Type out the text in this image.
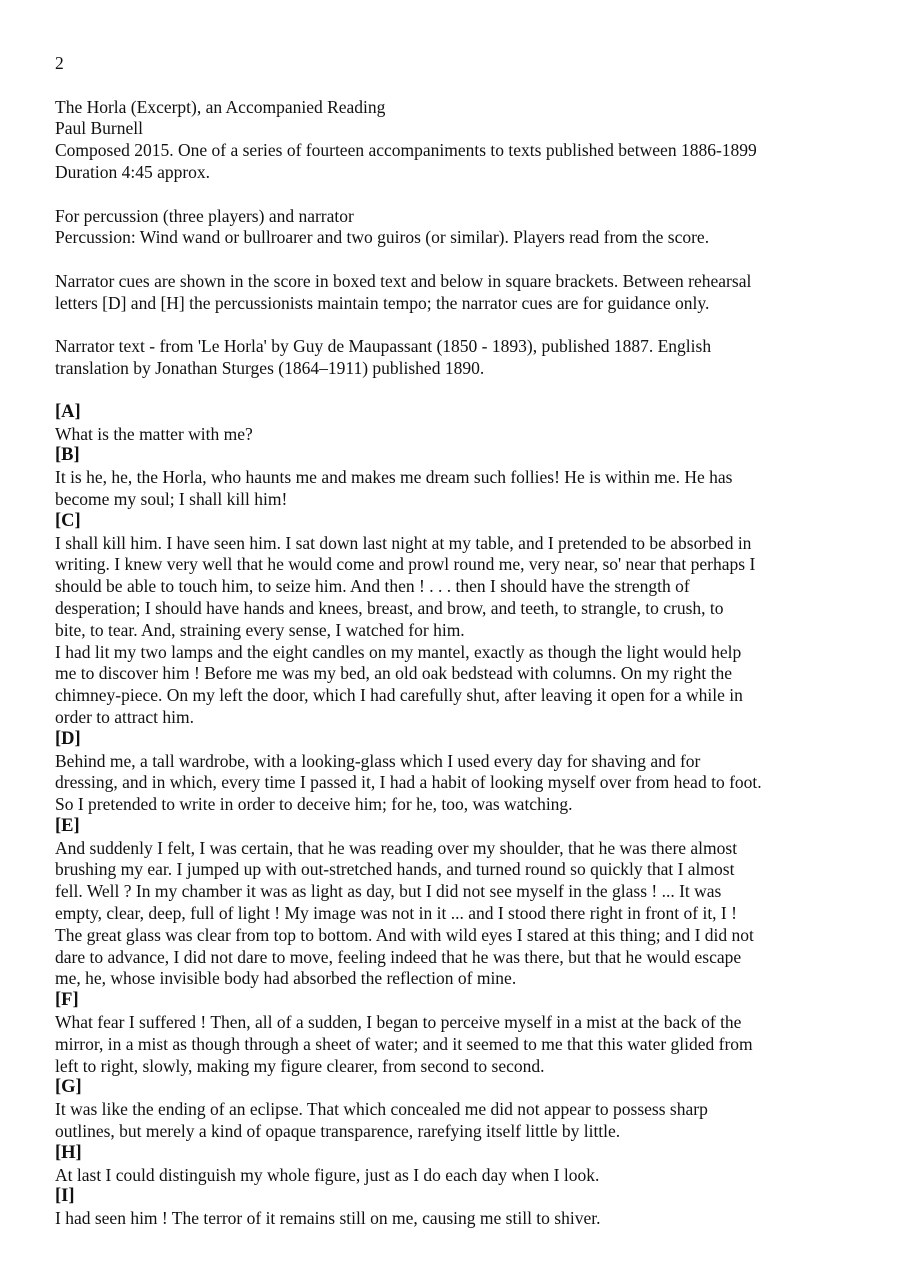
2
The Horla (Excerpt), an Accompanied Reading
Paul Burnell
Composed 2015. One of a series of fourteen accompaniments to texts published between 1886-1899
Duration 4:45 approx.
For percussion (three players) and narrator
Percussion: Wind wand or bullroarer and two guiros (or similar). Players read from the score.
Narrator cues are shown in the score in boxed text and below in square brackets. Between rehearsal
letters [D] and [H] the percussionists maintain tempo; the narrator cues are for guidance only.
Narrator text - from 'Le Horla' by Guy de Maupassant (1850 - 1893), published 1887. English
translation by Jonathan Sturges (1864–1911) published 1890.
[A]
What is the matter with me?
[B]
It is he, he, the Horla, who haunts me and makes me dream such follies! He is within me. He has
become my soul; I shall kill him!
[C]
I shall kill him. I have seen him. I sat down last night at my table, and I pretended to be absorbed in
writing. I knew very well that he would come and prowl round me, very near, so' near that perhaps I
should be able to touch him, to seize him. And then ! . . . then I should have the strength of
desperation; I should have hands and knees, breast, and brow, and teeth, to strangle, to crush, to
bite, to tear. And, straining every sense, I watched for him.
I had lit my two lamps and the eight candles on my mantel, exactly as though the light would help
me to discover him ! Before me was my bed, an old oak bedstead with columns. On my right the
chimney-piece. On my left the door, which I had carefully shut, after leaving it open for a while in
order to attract him.
[D]
Behind me, a tall wardrobe, with a looking-glass which I used every day for shaving and for
dressing, and in which, every time I passed it, I had a habit of looking myself over from head to foot.
So I pretended to write in order to deceive him; for he, too, was watching.
[E]
And suddenly I felt, I was certain, that he was reading over my shoulder, that he was there almost
brushing my ear. I jumped up with out-stretched hands, and turned round so quickly that I almost
fell. Well ? In my chamber it was as light as day, but I did not see myself in the glass ! ... It was
empty, clear, deep, full of light ! My image was not in it ... and I stood there right in front of it, I !
The great glass was clear from top to bottom. And with wild eyes I stared at this thing; and I did not
dare to advance, I did not dare to move, feeling indeed that he was there, but that he would escape
me, he, whose invisible body had absorbed the reflection of mine.
[F]
What fear I suffered ! Then, all of a sudden, I began to perceive myself in a mist at the back of the
mirror, in a mist as though through a sheet of water; and it seemed to me that this water glided from
left to right, slowly, making my figure clearer, from second to second.
[G]
It was like the ending of an eclipse. That which concealed me did not appear to possess sharp
outlines, but merely a kind of opaque transparence, rarefying itself little by little.
[H]
At last I could distinguish my whole figure, just as I do each day when I look.
[I]
I had seen him ! The terror of it remains still on me, causing me still to shiver.
